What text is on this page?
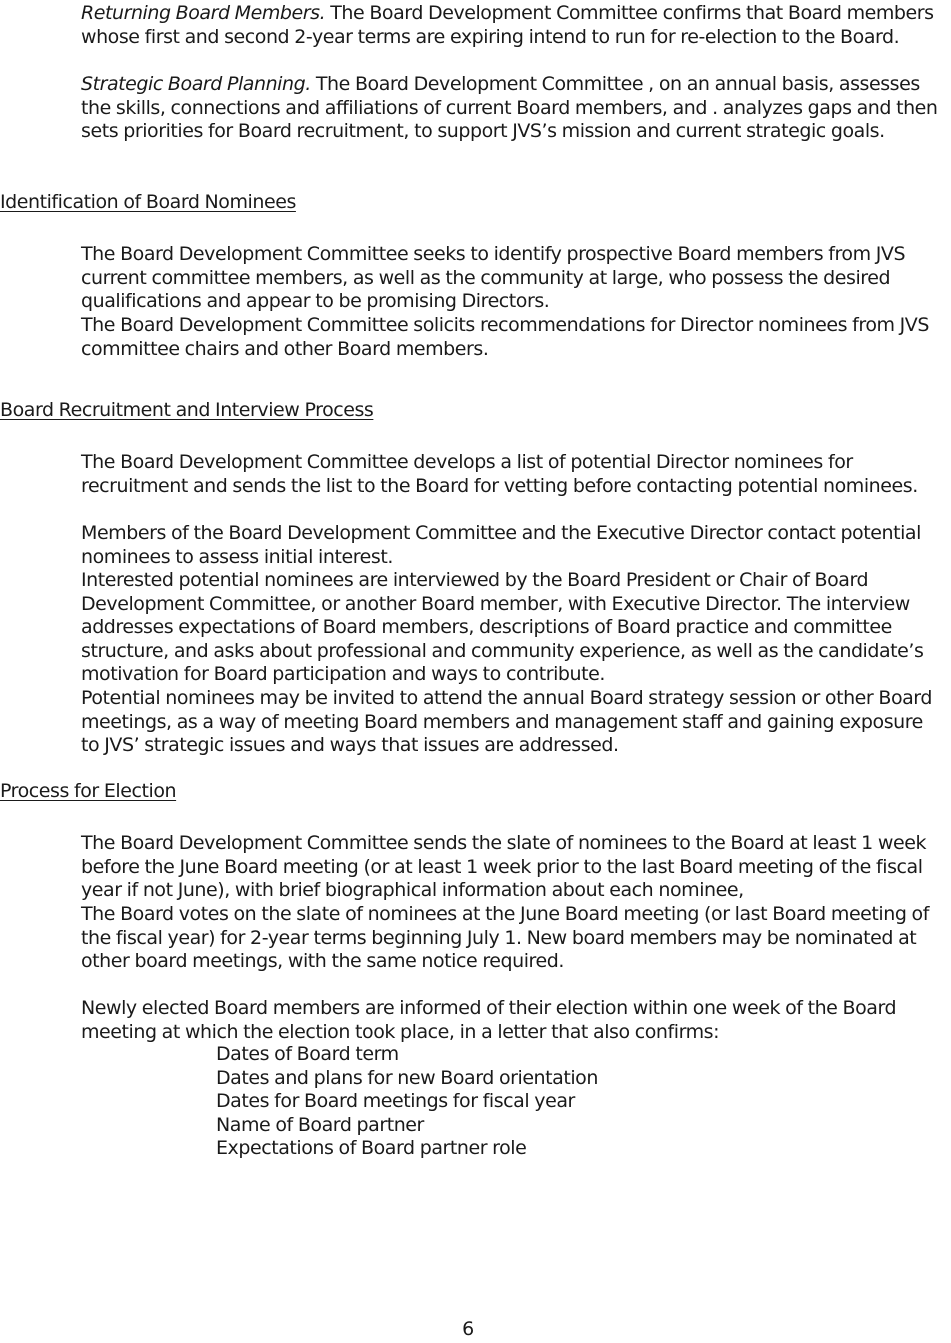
Returning Board Members. The Board Development Committee confirms that Board members whose first and second 2-year terms are expiring intend to run for re-election to the Board.

Strategic Board Planning. The Board Development Committee , on an annual basis, assesses the skills, connections and affiliations of current Board members, and . analyzes gaps and then sets priorities for Board recruitment, to support JVS’s mission and current strategic goals.

Identification of Board Nominees

The Board Development Committee seeks to identify prospective Board members from JVS current committee members, as well as the community at large, who possess the desired qualifications and appear to be promising Directors.

The Board Development Committee solicits recommendations for Director nominees from JVS committee chairs and other Board members.

Board Recruitment and Interview Process

The Board Development Committee develops a list of potential Director nominees for recruitment and sends the list to the Board for vetting before contacting potential nominees.

Members of the Board Development Committee and the Executive Director contact potential nominees to assess initial interest.

Interested potential nominees are interviewed by the Board President or Chair of Board Development Committee, or another Board member, with Executive Director. The interview addresses expectations of Board members, descriptions of Board practice and committee structure, and asks about professional and community experience, as well as the candidate’s motivation for Board participation and ways to contribute.

Potential nominees may be invited to attend the annual Board strategy session or other Board meetings, as a way of meeting Board members and management staff and gaining exposure to JVS’ strategic issues and ways that issues are addressed.

Process for Election

The Board Development Committee sends the slate of nominees to the Board at least 1 week before the June Board meeting (or at least 1 week prior to the last Board meeting of the fiscal year if not June), with brief biographical information about each nominee,

The Board votes on the slate of nominees at the June Board meeting (or last Board meeting of the fiscal year) for 2-year terms beginning July 1. New board members may be nominated at other board meetings, with the same notice required.

Newly elected Board members are informed of their election within one week of the Board meeting at which the election took place, in a letter that also confirms:

Dates of Board term
Dates and plans for new Board orientation
Dates for Board meetings for fiscal year
Name of Board partner
Expectations of Board partner role

6
